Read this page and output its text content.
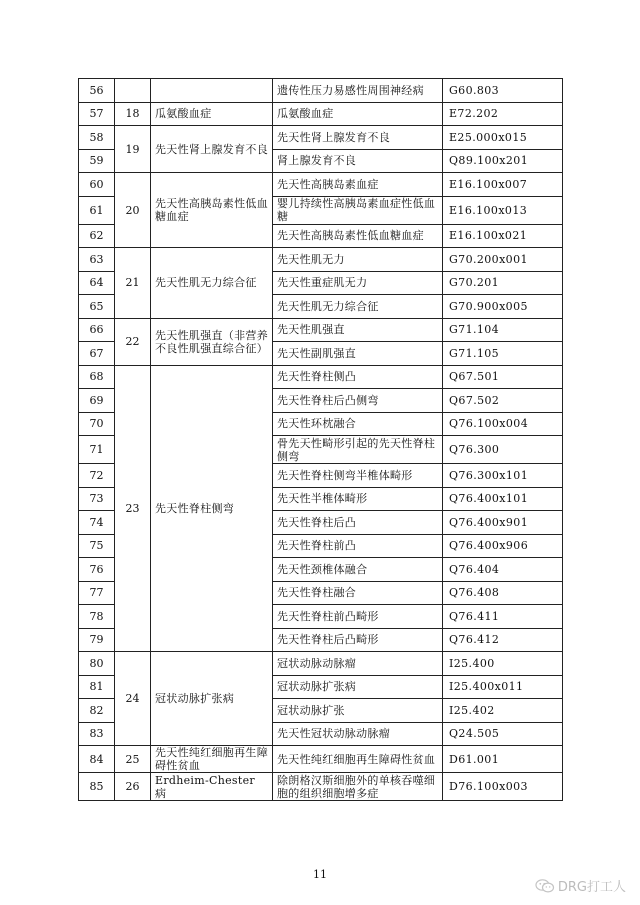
56			遗传性压力易感性周围神经病	G60.803
57	18	瓜氨酸血症	瓜氨酸血症	E72.202
58	19	先天性肾上腺发育不良	先天性肾上腺发育不良	E25.000x015
59			肾上腺发育不良	Q89.100x201
60	20	先天性高胰岛素性低血糖血症	先天性高胰岛素血症	E16.100x007
61			婴儿持续性高胰岛素血症性低血糖	E16.100x013
62			先天性高胰岛素性低血糖血症	E16.100x021
63	21	先天性肌无力综合征	先天性肌无力	G70.200x001
64			先天性重症肌无力	G70.201
65			先天性肌无力综合征	G70.900x005
66	22	先天性肌强直（非营养不良性肌强直综合征）	先天性肌强直	G71.104
67			先天性副肌强直	G71.105
68	23	先天性脊柱侧弯	先天性脊柱侧凸	Q67.501
69			先天性脊柱后凸侧弯	Q67.502
70			先天性环枕融合	Q76.100x004
71			骨先天性畸形引起的先天性脊柱侧弯	Q76.300
72			先天性脊柱侧弯半椎体畸形	Q76.300x101
73			先天性半椎体畸形	Q76.400x101
74			先天性脊柱后凸	Q76.400x901
75			先天性脊柱前凸	Q76.400x906
76			先天性颈椎体融合	Q76.404
77			先天性脊柱融合	Q76.408
78			先天性脊柱前凸畸形	Q76.411
79			先天性脊柱后凸畸形	Q76.412
80	24	冠状动脉扩张病	冠状动脉动脉瘤	I25.400
81			冠状动脉扩张病	I25.400x011
82			冠状动脉扩张	I25.402
83			先天性冠状动脉动脉瘤	Q24.505
84	25	先天性纯红细胞再生障碍性贫血	先天性纯红细胞再生障碍性贫血	D61.001
85	26	Erdheim-Chester 病	除朗格汉斯细胞外的单核吞噬细胞的组织细胞增多症	D76.100x003
11
DRG打工人
